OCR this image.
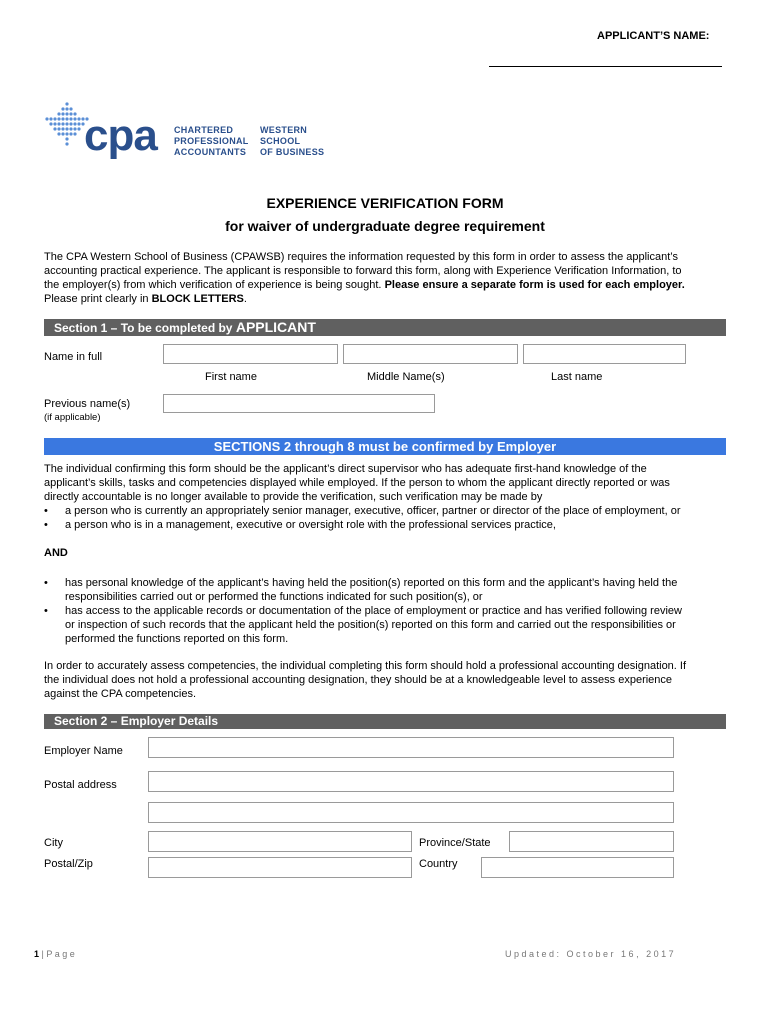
APPLICANT’S NAME:
cpa CHARTERED
PROFESSIONAL
ACCOUNTANTS
WESTERN
SCHOOL
OF BUSINESS
EXPERIENCE VERIFICATION FORM
for waiver of undergraduate degree requirement
The CPA Western School of Business (CPAWSB) requires the information requested by this form in order to assess the applicant’s
accounting practical experience. The applicant is responsible to forward this form, along with Experience Verification Information, to
the employer(s) from which verification of experience is being sought. Please ensure a separate form is used for each employer.
Please print clearly in BLOCK LETTERS.
Section 1 – To be completed by APPLICANT
Name in full
First name	Middle Name(s)	Last name
Previous name(s)
(if applicable)
SECTIONS 2 through 8 must be confirmed by Employer
The individual confirming this form should be the applicant’s direct supervisor who has adequate first-hand knowledge of the
applicant’s skills, tasks and competencies displayed while employed. If the person to whom the applicant directly reported or was
directly accountable is no longer available to provide the verification, such verification may be made by
• a person who is currently an appropriately senior manager, executive, officer, partner or director of the place of employment, or
• a person who is in a management, executive or oversight role with the professional services practice,
AND
• has personal knowledge of the applicant’s having held the position(s) reported on this form and the applicant’s having held the
responsibilities carried out or performed the functions indicated for such position(s), or
• has access to the applicable records or documentation of the place of employment or practice and has verified following review
or inspection of such records that the applicant held the position(s) reported on this form and carried out the responsibilities or
performed the functions reported on this form.
In order to accurately assess competencies, the individual completing this form should hold a professional accounting designation. If
the individual does not hold a professional accounting designation, they should be at a knowledgeable level to assess experience
against the CPA competencies.
Section 2 – Employer Details
Employer Name
Postal address
City	Province/State
Postal/Zip	Country
1 | P a g e	U p d a t e d :   O c t o b e r   1 6 ,   2 0 1 7
